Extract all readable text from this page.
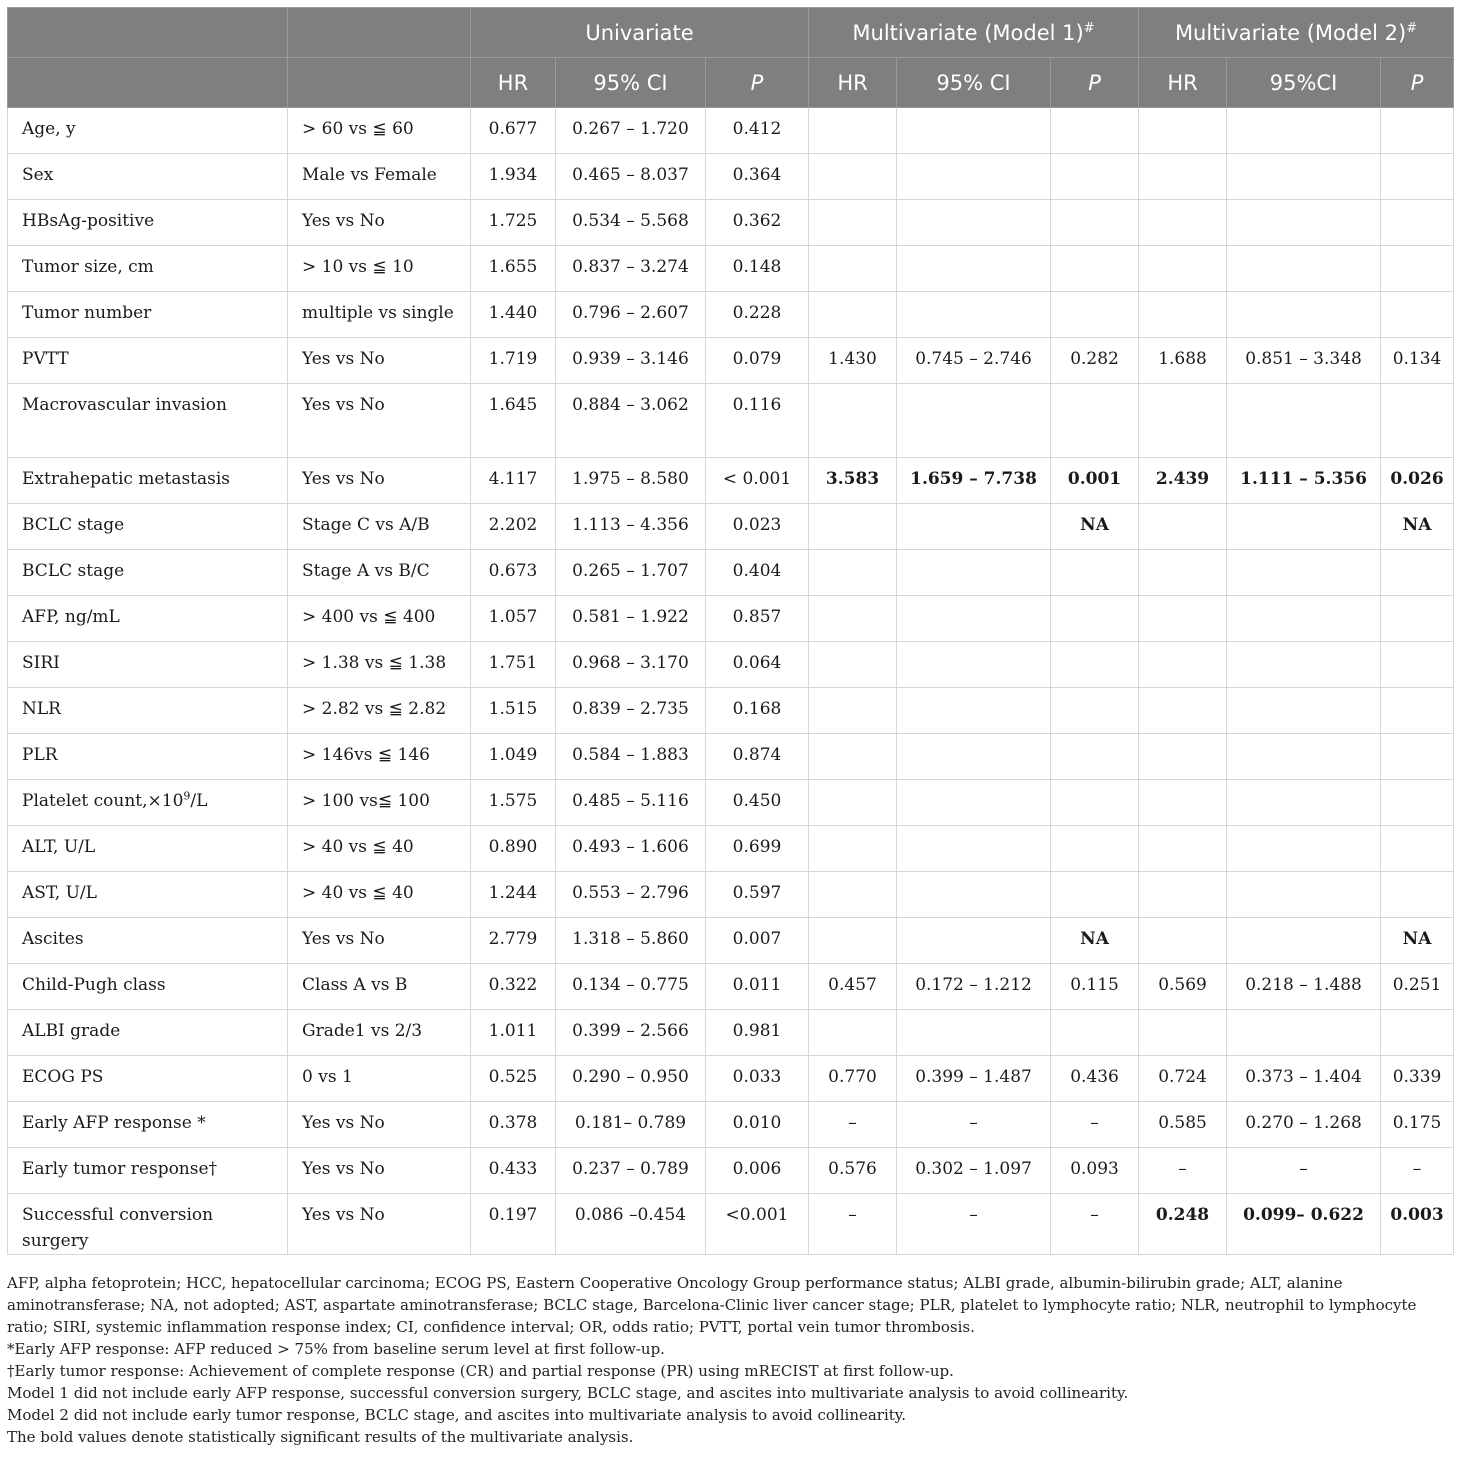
		Univariate			Multivariate (Model 1)#			Multivariate (Model 2)#
		HR	95% CI	P	HR	95% CI	P	HR	95%CI	P
Age, y	> 60 vs ≦ 60	0.677	0.267 – 1.720	0.412						
Sex	Male vs Female	1.934	0.465 – 8.037	0.364						
HBsAg-positive	Yes vs No	1.725	0.534 – 5.568	0.362						
Tumor size, cm	> 10 vs ≦ 10	1.655	0.837 – 3.274	0.148						
Tumor number	multiple vs single	1.440	0.796 – 2.607	0.228						
PVTT	Yes vs No	1.719	0.939 – 3.146	0.079	1.430	0.745 – 2.746	0.282	1.688	0.851 – 3.348	0.134
Macrovascular invasion	Yes vs No	1.645	0.884 – 3.062	0.116						
Extrahepatic metastasis	Yes vs No	4.117	1.975 – 8.580	< 0.001	3.583	1.659 – 7.738	0.001	2.439	1.111 – 5.356	0.026
BCLC stage	Stage C vs A/B	2.202	1.113 – 4.356	0.023			NA			NA
BCLC stage	Stage A vs B/C	0.673	0.265 – 1.707	0.404						
AFP, ng/mL	> 400 vs ≦ 400	1.057	0.581 – 1.922	0.857						
SIRI	> 1.38 vs ≦ 1.38	1.751	0.968 – 3.170	0.064						
NLR	> 2.82 vs ≦ 2.82	1.515	0.839 – 2.735	0.168						
PLR	> 146vs ≦ 146	1.049	0.584 – 1.883	0.874						
Platelet $count,\times 10^9/L$	> 100 vs≦ 100	1.575	0.485 – 5.116	0.450						
ALT, U/L	> 40 vs ≦ 40	0.890	0.493 – 1.606	0.699						
AST, U/L	> 40 vs ≦ 40	1.244	0.553 – 2.796	0.597						
Ascites	Yes vs No	2.779	1.318 – 5.860	0.007			NA			NA
Child-Pugh class	Class A vs B	0.322	0.134 – 0.775	0.011	0.457	0.172 – 1.212	0.115	0.569	0.218 – 1.488	0.251
ALBI grade	Grade1 vs 2/3	1.011	0.399 – 2.566	0.981						
ECOG PS	0 vs 1	0.525	0.290 – 0.950	0.033	0.770	0.399 – 1.487	0.436	0.724	0.373 – 1.404	0.339
Early AFP response *	Yes vs No	0.378	0.181– 0.789	0.010	–	–	–	0.585	0.270 – 1.268	0.175
Early tumor response†	Yes vs No	0.433	0.237 – 0.789	0.006	0.576	0.302 – 1.097	0.093	–	–	–
Successful conversion surgery	Yes vs No	0.197	0.086 –0.454	<0.001	–	–	–	0.248	0.099– 0.622	0.003

AFP, alpha fetoprotein; HCC, hepatocellular carcinoma; ECOG PS, Eastern Cooperative Oncology Group performance status; ALBI grade, albumin-bilirubin grade; ALT, alanine aminotransferase; NA, not adopted; AST, aspartate aminotransferase; BCLC stage, Barcelona-Clinic liver cancer stage; PLR, platelet to lymphocyte ratio; NLR, neutrophil to lymphocyte ratio; SIRI, systemic inflammation response index; CI, confidence interval; OR, odds ratio; PVTT, portal vein tumor thrombosis.

*Early AFP response: AFP reduced > 75% from baseline serum level at first follow-up.

†Early tumor response: Achievement of complete response (CR) and partial response (PR) using mRECIST at first follow-up.

Model 1 did not include early AFP response, successful conversion surgery, BCLC stage, and ascites into multivariate analysis to avoid collinearity.

Model 2 did not include early tumor response, BCLC stage, and ascites into multivariate analysis to avoid collinearity.

The bold values denote statistically significant results of the multivariate analysis.
